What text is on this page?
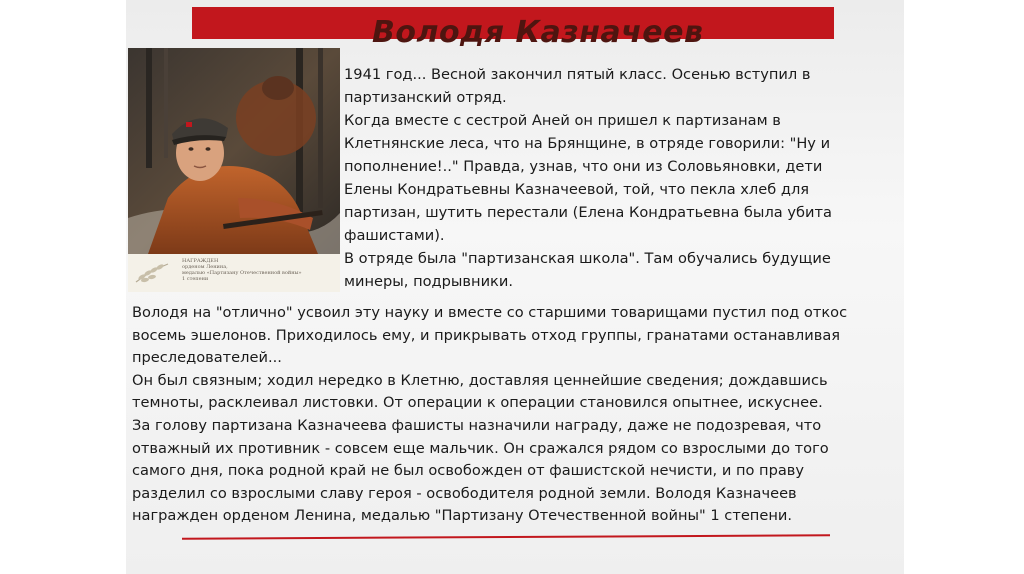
Володя Казначеев
НАГРАЖДЕН
орденом Ленина,
медалью «Партизану Отечественной войны»
1 степени
1941 год... Весной закончил пятый класс. Осенью вступил в
партизанский отряд.
Когда вместе с сестрой Аней он пришел к партизанам в
Клетнянские леса, что на Брянщине, в отряде говорили: "Ну и
пополнение!.." Правда, узнав, что они из Соловьяновки, дети
Елены Кондратьевны Казначеевой, той, что пекла хлеб для
партизан, шутить перестали (Елена Кондратьевна была убита
фашистами).
В отряде была "партизанская школа". Там обучались будущие
минеры, подрывники.
Володя на "отлично" усвоил эту науку и вместе со старшими товарищами пустил под откос
восемь эшелонов. Приходилось ему, и прикрывать отход группы, гранатами останавливая
преследователей...
Он был связным; ходил нередко в Клетню, доставляя ценнейшие сведения; дождавшись
темноты, расклеивал листовки. От операции к операции становился опытнее, искуснее.
За голову партизана Казначеева фашисты назначили награду, даже не подозревая, что
отважный их противник - совсем еще мальчик. Он сражался рядом со взрослыми до того
самого дня, пока родной край не был освобожден от фашистской нечисти, и по праву
разделил со взрослыми славу героя - освободителя родной земли. Володя Казначеев
награжден орденом Ленина, медалью "Партизану Отечественной войны" 1 степени.
